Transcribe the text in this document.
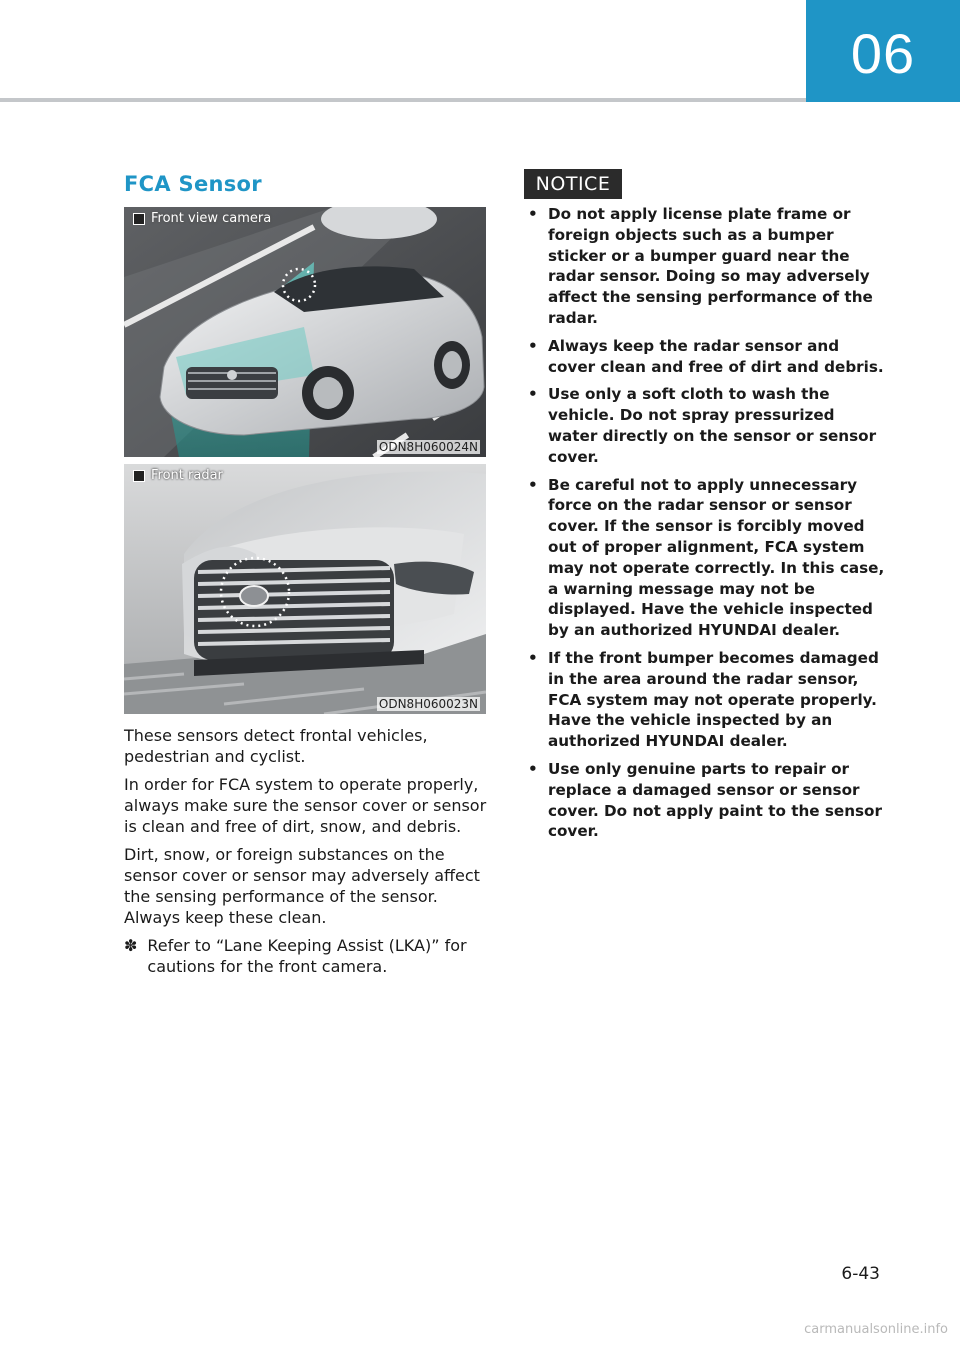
06
FCA Sensor
Front view camera
ODN8H060024N
Front radar
ODN8H060023N

These sensors detect frontal vehicles, pedestrian and cyclist.

In order for FCA system to operate properly, always make sure the sensor cover or sensor is clean and free of dirt, snow, and debris.

Dirt, snow, or foreign substances on the sensor cover or sensor may adversely affect the sensing performance of the sensor. Always keep these clean.

✽ Refer to “Lane Keeping Assist (LKA)” for cautions for the front camera.
NOTICE
• Do not apply license plate frame or foreign objects such as a bumper sticker or a bumper guard near the radar sensor. Doing so may adversely affect the sensing performance of the radar.
• Always keep the radar sensor and cover clean and free of dirt and debris.
• Use only a soft cloth to wash the vehicle. Do not spray pressurized water directly on the sensor or sensor cover.
• Be careful not to apply unnecessary force on the radar sensor or sensor cover. If the sensor is forcibly moved out of proper alignment, FCA system may not operate correctly. In this case, a warning message may not be displayed. Have the vehicle inspected by an authorized HYUNDAI dealer.
• If the front bumper becomes damaged in the area around the radar sensor, FCA system may not operate properly. Have the vehicle inspected by an authorized HYUNDAI dealer.
• Use only genuine parts to repair or replace a damaged sensor or sensor cover. Do not apply paint to the sensor cover.
6-43
carmanualsonline.info
